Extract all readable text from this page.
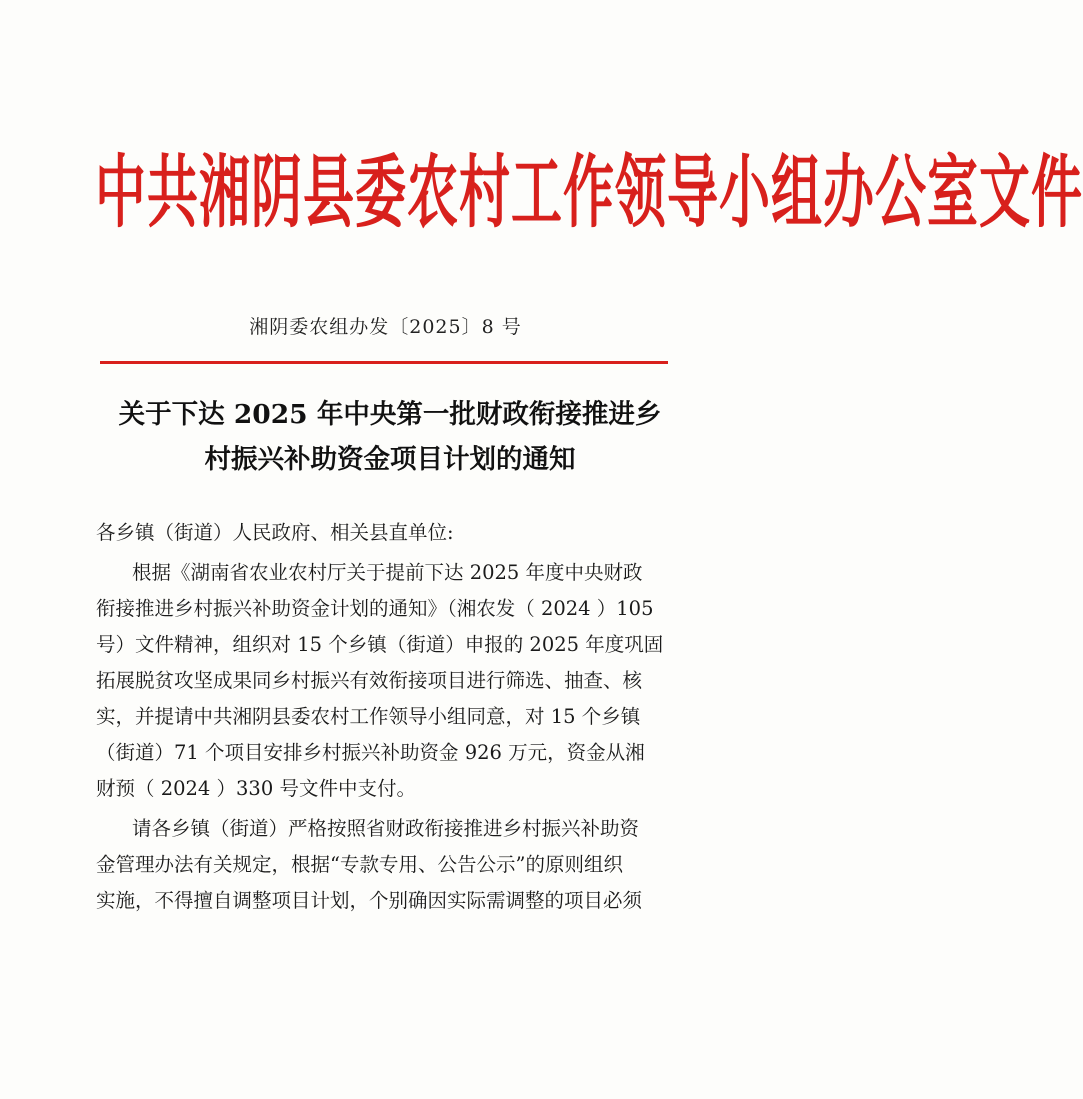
中共湘阴县委农村工作领导小组办公室文件
湘阴委农组办发〔2025〕8 号
关于下达 2025 年中央第一批财政衔接推进乡
村振兴补助资金项目计划的通知
各乡镇（街道）人民政府、相关县直单位:
根据《湖南省农业农村厅关于提前下达 2025 年度中央财政
衔接推进乡村振兴补助资金计划的通知》（湘农发（ 2024 ）105
号）文件精神，组织对 15 个乡镇（街道）申报的 2025 年度巩固
拓展脱贫攻坚成果同乡村振兴有效衔接项目进行筛选、抽查、核
实，并提请中共湘阴县委农村工作领导小组同意，对 15 个乡镇
（街道）71 个项目安排乡村振兴补助资金 926 万元，资金从湘
财预（ 2024 ）330 号文件中支付。
请各乡镇（街道）严格按照省财政衔接推进乡村振兴补助资
金管理办法有关规定，根据“专款专用、公告公示”的原则组织
实施，不得擅自调整项目计划，个别确因实际需调整的项目必须
